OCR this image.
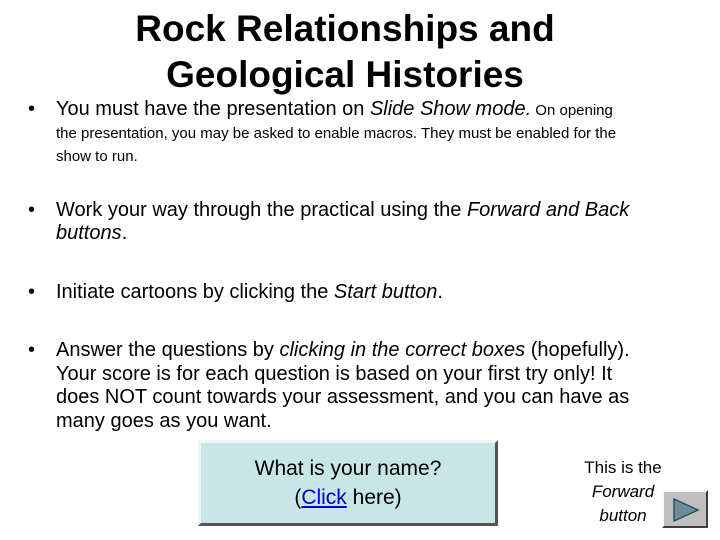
Rock Relationships and
Geological Histories
• You must have the presentation on Slide Show mode. On opening
the presentation, you may be asked to enable macros. They must be enabled for the
show to run.
• Work your way through the practical using the Forward and Back
buttons.
• Initiate cartoons by clicking the Start button.
• Answer the questions by clicking in the correct boxes (hopefully).
Your score is for each question is based on your first try only! It
does NOT count towards your assessment, and you can have as
many goes as you want.
What is your name?
(Click here)
This is the
Forward
button
